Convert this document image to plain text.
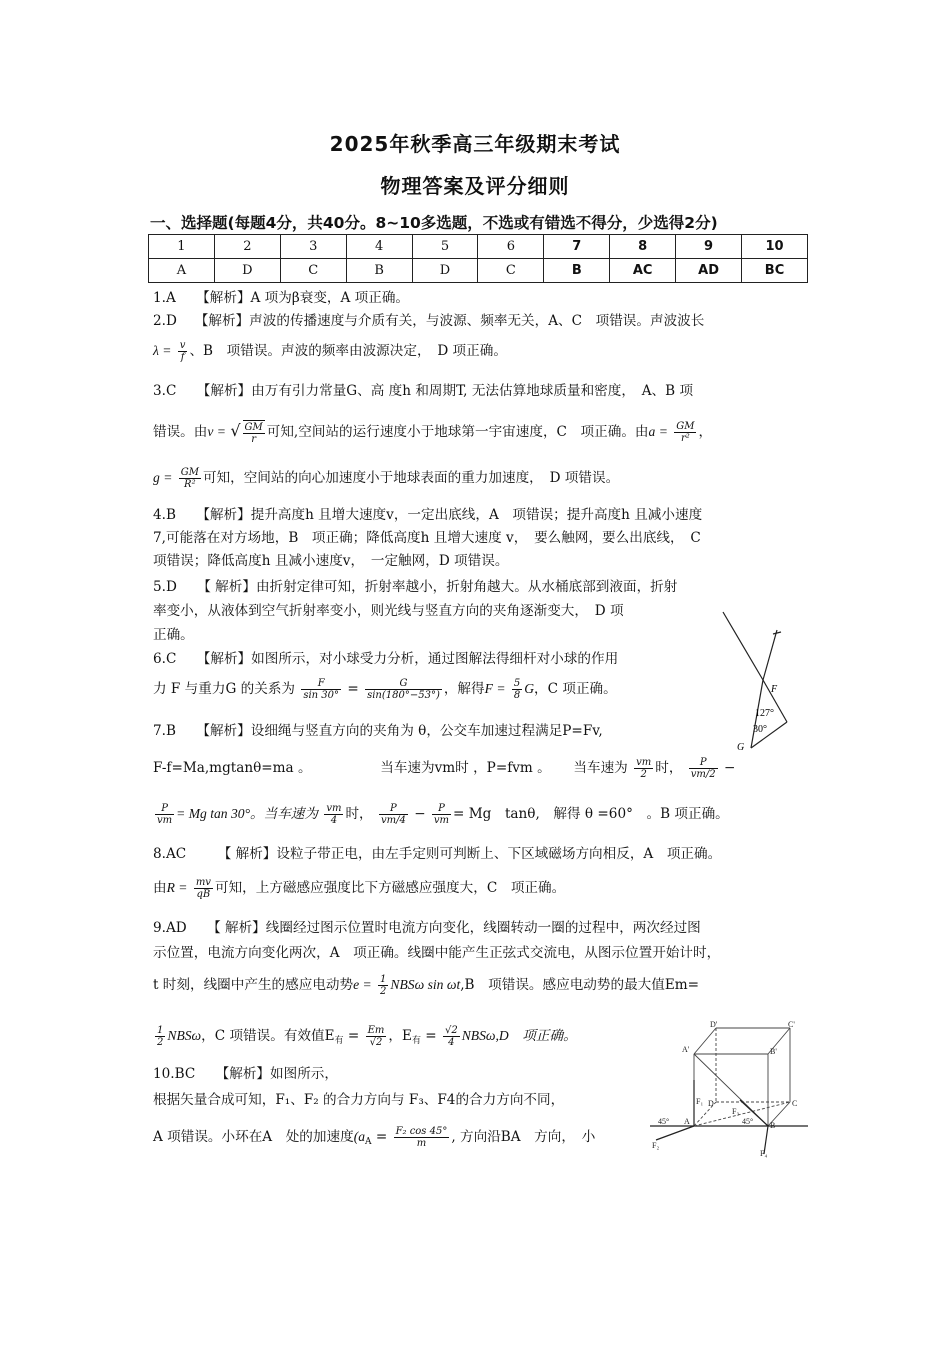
2025年秋季高三年级期末考试
物理答案及评分细则
一、选择题(每题4分，共40分。8~10多选题，不选或有错选不得分，少选得2分)
1	2	3	4	5	6	7	8	9	10
A	D	C	B	D	C	B	AC	AD	BC
1.A　　【解析】A 项为β衰变，A 项正确。
2.D　 【解析】声波的传播速度与介质有关，与波源、频率无关，A、C　项错误。声波波长
$\lambda = \frac{v}{f}$ 、B　项错误。声波的频率由波源决定，　D 项正确。
3.C　　【解析】由万有引力常量G、高 度h 和周期T, 无法估算地球质量和密度，　A、B 项
错误。由v = √ $\frac{GM}{r}$ 可知,空间站的运行速度小于地球第一宇宙速度，C　项正确。由$a = \frac{GM}{\text{r²}}$ ，
$g = \frac{GM}{\text{R²}}$ 可知，空间站的向心加速度小于地球表面的重力加速度，　D 项错误。
4.B　　【解析】提升高度h 且增大速度v，一定出底线，A　项错误；提升高度h 且减小速度
7,可能落在对方场地，B　项正确；降低高度h 且增大速度 v，　要么触网，要么出底线，　C
项错误；降低高度h 且减小速度v，　一定触网，D 项错误。
5.D　　【 解析】由折射定律可知，折射率越小，折射角越大。从水桶底部到液面，折射
率变小，从液体到空气折射率变小，则光线与竖直方向的夹角逐渐变大，　D 项
正确。
6.C　　【解析】如图所示，对小球受力分析，通过图解法得细杆对小球的作用
力 F 与重力G 的关系为 $\frac{F}{\sin 30^\circ} = \frac{G}{\sin(180^\circ-53^\circ)}$ ，解得$F = \frac{5}{8}$ G，C 项正确。
7.B　　【解析】设细绳与竖直方向的夹角为 θ，公交车加速过程满足P=Fv,
F-f=Ma,mgtanθ=ma 。	当车速为vm时 ，P=fvm 。 当车速为 $\frac{vm}{2}$ 时， $\frac{P}{vm/2}$ −
$\frac{P}{vm} = Mg$ tan 30°。当车速为 $\frac{vm}{4}$ 时， $\frac{P}{vm/4} - \frac{P}{vm} = Mg$　tanθ,　解得 θ =60°　。B 项正确。
8.AC　　 【 解析】设粒子带正电，由左手定则可判断上、下区域磁场方向相反，A　项正确。
由$R = \frac{mv}{qB}$ 可知，上方磁感应强度比下方磁感应强度大，C　项正确。
9.AD　　【 解析】线圈经过图示位置时电流方向变化，线圈转动一圈的过程中，两次经过图
示位置，电流方向变化两次，A　项正确。线圈中能产生正弦式交流电，从图示位置开始计时，
t 时刻，线圈中产生的感应电动势$e = \frac{1}{2}$ NBSω sin ωt,B　项错误。感应电动势的最大值Em=
$\frac{1}{2}$ NBSω，C 项错误。有效值$E_有 = \frac{Em}{√2}$ ，$E_有 = \frac{√2}{4} NBS\omega,D$　项正确。
10.BC　　【解析】如图所示，
根据矢量合成可知，F₁、F₂ 的合力方向与 F₃、F4的合力方向不同，
A 项错误。小环在A　处的加速度($a_A = \frac{\text{F₂ cos 45°}}{m}$ , 方向沿BA　方向，　小
F
127°
30°
G
D'	C'
A'	B'
F₁ D
F₃
C
45° A	45° B
F₂
F₄
